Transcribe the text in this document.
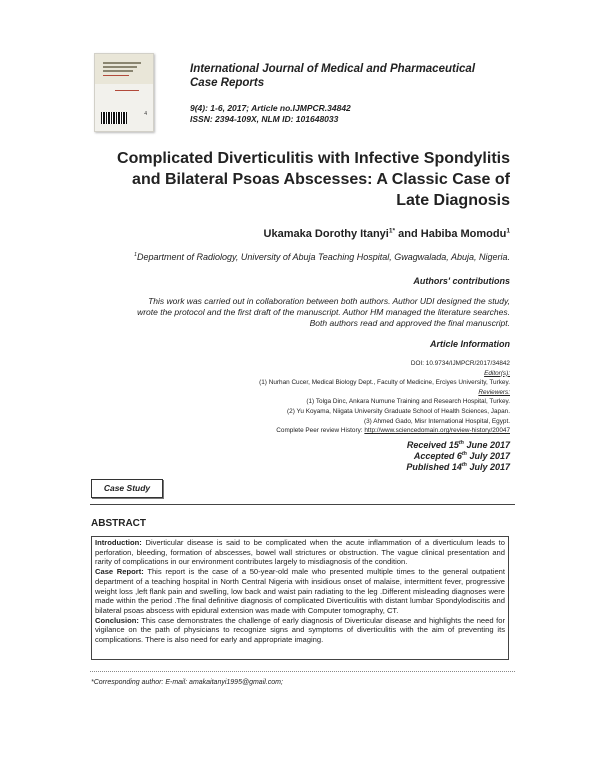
4
International Journal of Medical and Pharmaceutical
Case Reports
9(4): 1-6, 2017; Article no.IJMPCR.34842
ISSN: 2394-109X, NLM ID: 101648033
Complicated Diverticulitis with Infective Spondylitis
and Bilateral Psoas Abscesses: A Classic Case of
Late Diagnosis
Ukamaka Dorothy Itanyi$^{1*}$ and Habiba Momodu$^1$
$^1$Department of Radiology, University of Abuja Teaching Hospital, Gwagwalada, Abuja, Nigeria.
Authors' contributions
This work was carried out in collaboration between both authors. Author UDI designed the study,
wrote the protocol and the first draft of the manuscript. Author HM managed the literature searches.
Both authors read and approved the final manuscript.
Article Information
DOI: 10.9734/IJMPCR/2017/34842
Editor(s):
(1) Nurhan Cucer, Medical Biology Dept., Faculty of Medicine, Erciyes University, Turkey.
Reviewers:
(1) Tolga Dinc, Ankara Numune Training and Research Hospital, Turkey.
(2) Yu Koyama, Niigata University Graduate School of Health Sciences, Japan.
(3) Ahmed Gado, Misr International Hospital, Egypt.
Complete Peer review History: http://www.sciencedomain.org/review-history/20047
Received 15th June 2017
Accepted 6th July 2017
Published 14th July 2017
Case Study
ABSTRACT
Introduction: Diverticular disease is said to be complicated when the acute inflammation of a diverticulum leads to perforation, bleeding, formation of abscesses, bowel wall strictures or obstruction. The vague clinical presentation and rarity of complications in our environment contributes largely to misdiagnosis of the condition.
Case Report: This report is the case of a 50-year-old male who presented multiple times to the general outpatient department of a teaching hospital in North Central Nigeria with insidious onset of malaise, intermittent fever, progressive weight loss ,left flank pain and swelling, low back and waist pain radiating to the leg .Different misleading diagnoses were made within the period .The final definitive diagnosis of complicated Diverticulitis with distant lumbar Spondylodiscitis and bilateral psoas abscess with epidural extension was made with Computer tomography, CT.
Conclusion: This case demonstrates the challenge of early diagnosis of Diverticular disease and highlights the need for vigilance on the path of physicians to recognize signs and symptoms of diverticulitis with the aim of preventing its complications. There is also need for early and appropriate imaging.
*Corresponding author: E-mail: amakaitanyi1995@gmail.com;
